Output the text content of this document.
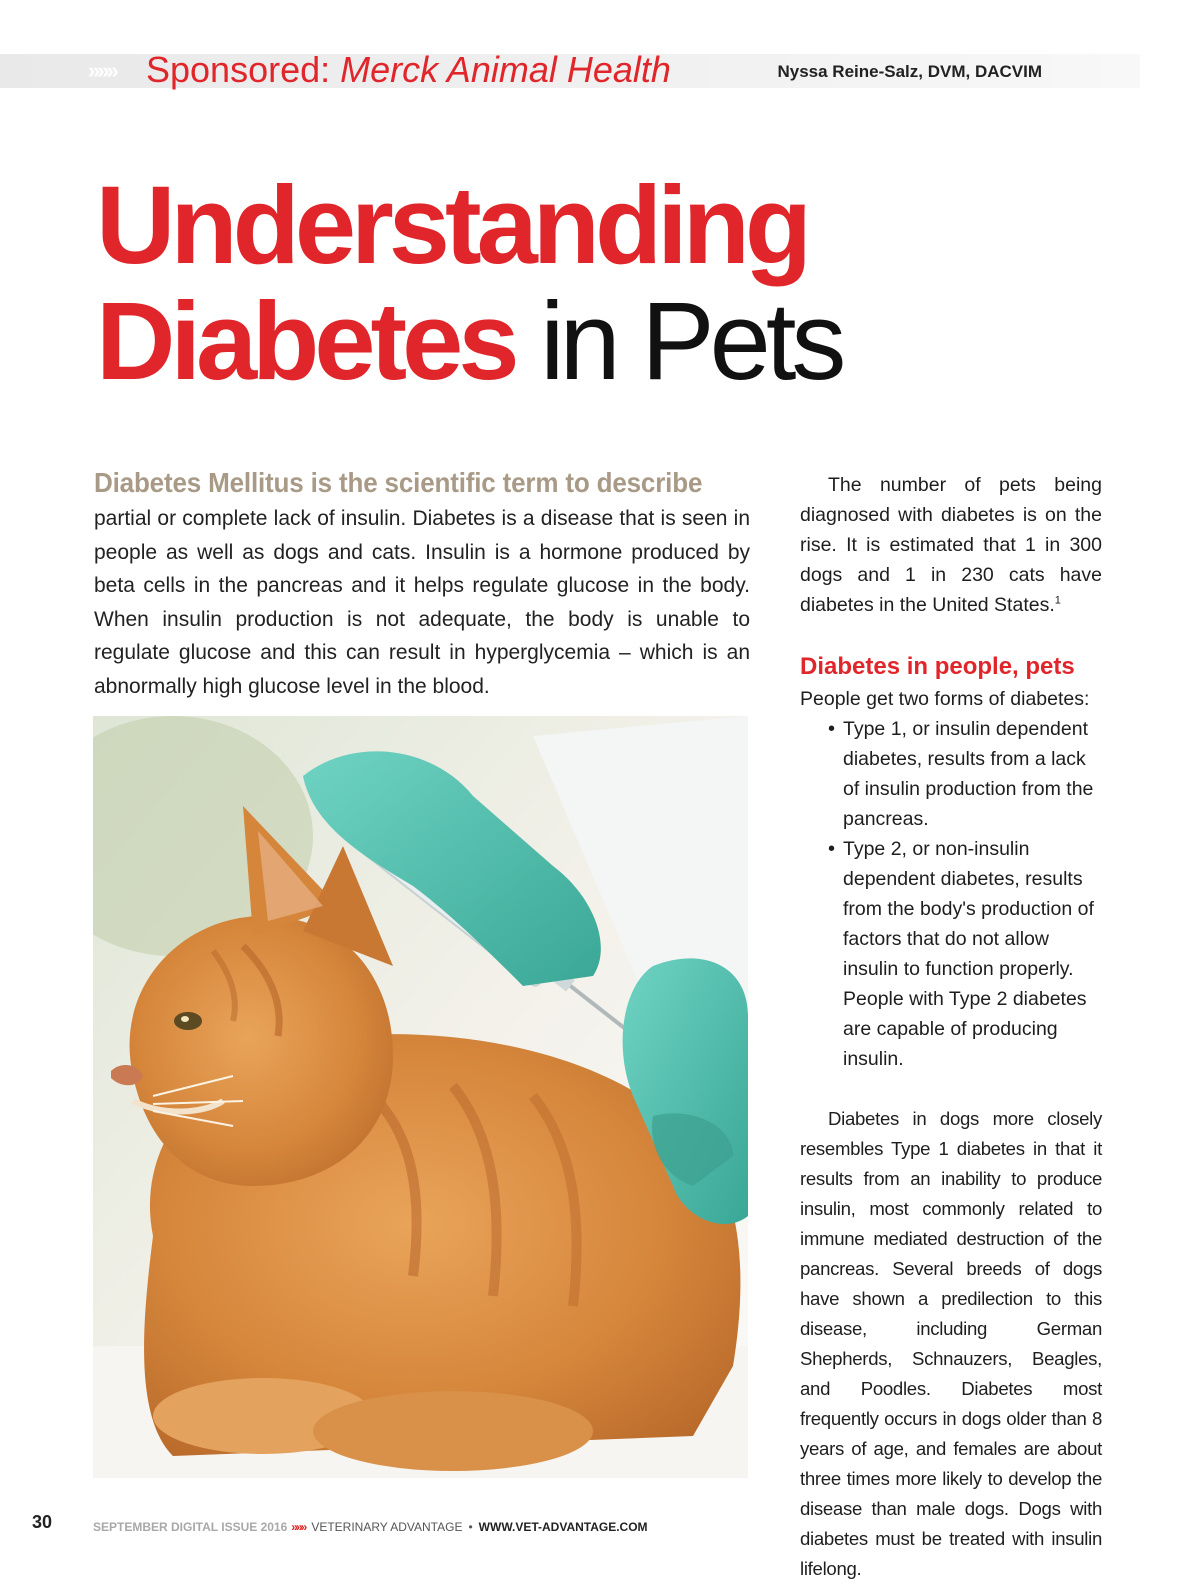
»»» Sponsored: Merck Animal Health	Nyssa Reine-Salz, DVM, DACVIM
Understanding
Diabetes in Pets
Diabetes Mellitus is the scientific term to describe
partial or complete lack of insulin. Diabetes is a disease that is seen in people as well as dogs and cats. Insulin is a hormone produced by beta cells in the pancreas and it helps regulate glucose in the body. When insulin production is not adequate, the body is unable to regulate glucose and this can result in hyperglycemia – which is an abnormally high glucose level in the blood.

The number of pets being diagnosed with diabetes is on the rise. It is estimated that 1 in 300 dogs and 1 in 230 cats have diabetes in the United States.$^1$

Diabetes in people, pets

People get two forms of diabetes:

• Type 1, or insulin dependent diabetes, results from a lack of insulin production from the pancreas.
• Type 2, or non-insulin dependent diabetes, results from the body's production of factors that do not allow insulin to function properly. People with Type 2 diabetes are capable of producing insulin.

Diabetes in dogs more closely resembles Type 1 diabetes in that it results from an inability to produce insulin, most commonly related to immune mediated destruction of the pancreas. Several breeds of dogs have shown a predilection to this disease, including German Shepherds, Schnauzers, Beagles, and Poodles. Diabetes most frequently occurs in dogs older than 8 years of age, and females are about three times more likely to develop the disease than male dogs. Dogs with diabetes must be treated with insulin lifelong.

30	SEPTEMBER DIGITAL ISSUE 2016 »»» VETERINARY ADVANTAGE • WWW.VET-ADVANTAGE.COM
